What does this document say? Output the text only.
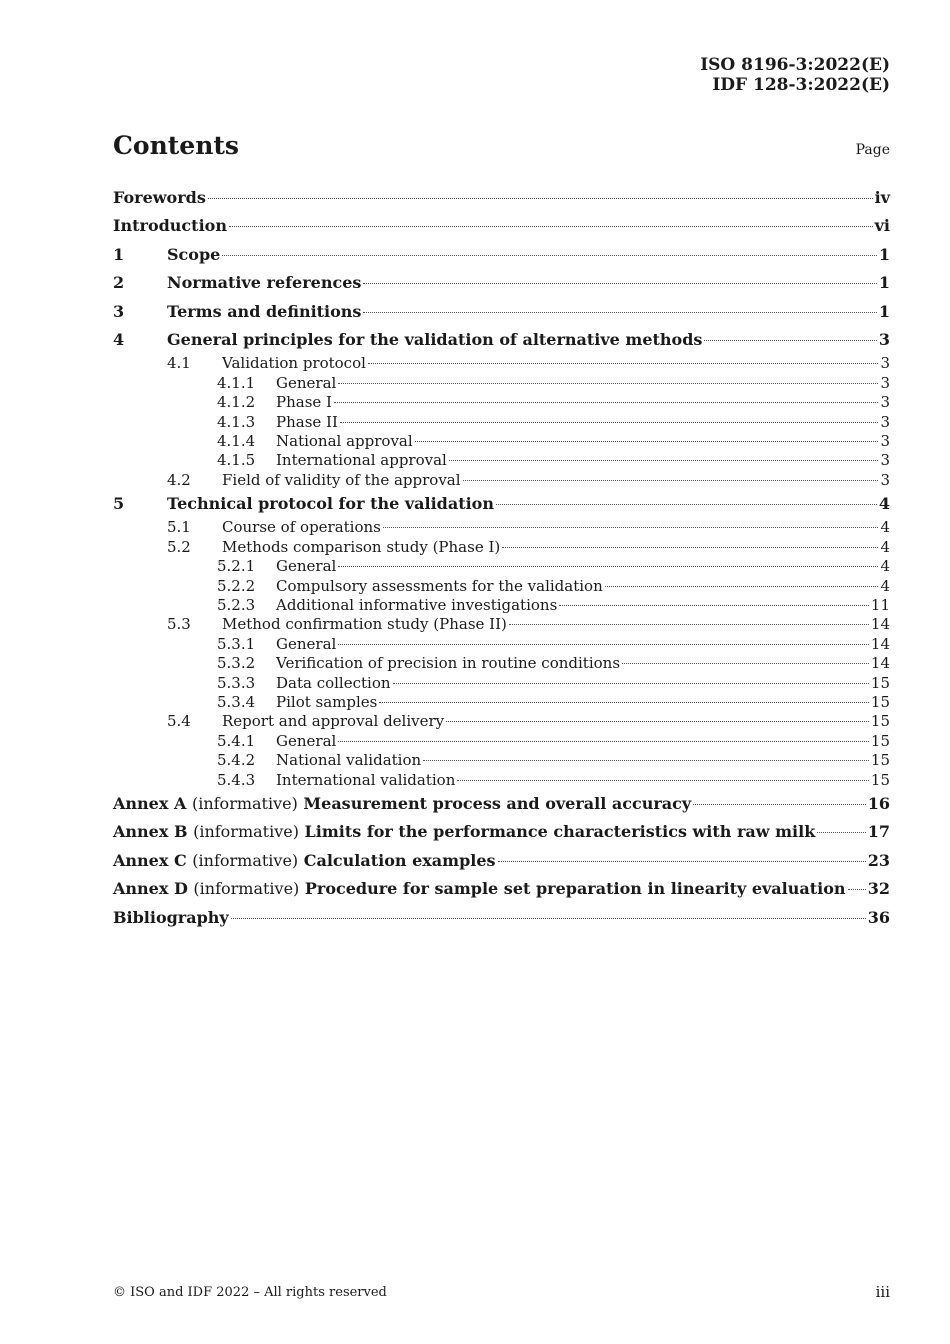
ISO 8196-3:2022(E)
IDF 128-3:2022(E)
Contents	Page
Forewords	iv
Introduction	vi
1	Scope	1
2	Normative references	1
3	Terms and definitions	1
4	General principles for the validation of alternative methods	3
4.1	Validation protocol	3
4.1.1	General	3
4.1.2	Phase I	3
4.1.3	Phase II	3
4.1.4	National approval	3
4.1.5	International approval	3
4.2	Field of validity of the approval	3
5	Technical protocol for the validation	4
5.1	Course of operations	4
5.2	Methods comparison study (Phase I)	4
5.2.1	General	4
5.2.2	Compulsory assessments for the validation	4
5.2.3	Additional informative investigations	11
5.3	Method confirmation study (Phase II)	14
5.3.1	General	14
5.3.2	Verification of precision in routine conditions	14
5.3.3	Data collection	15
5.3.4	Pilot samples	15
5.4	Report and approval delivery	15
5.4.1	General	15
5.4.2	National validation	15
5.4.3	International validation	15
Annex A (informative) Measurement process and overall accuracy	16
Annex B (informative) Limits for the performance characteristics with raw milk	17
Annex C (informative) Calculation examples	23
Annex D (informative) Procedure for sample set preparation in linearity evaluation 32
Bibliography	36
© ISO and IDF 2022 – All rights reserved	iii
